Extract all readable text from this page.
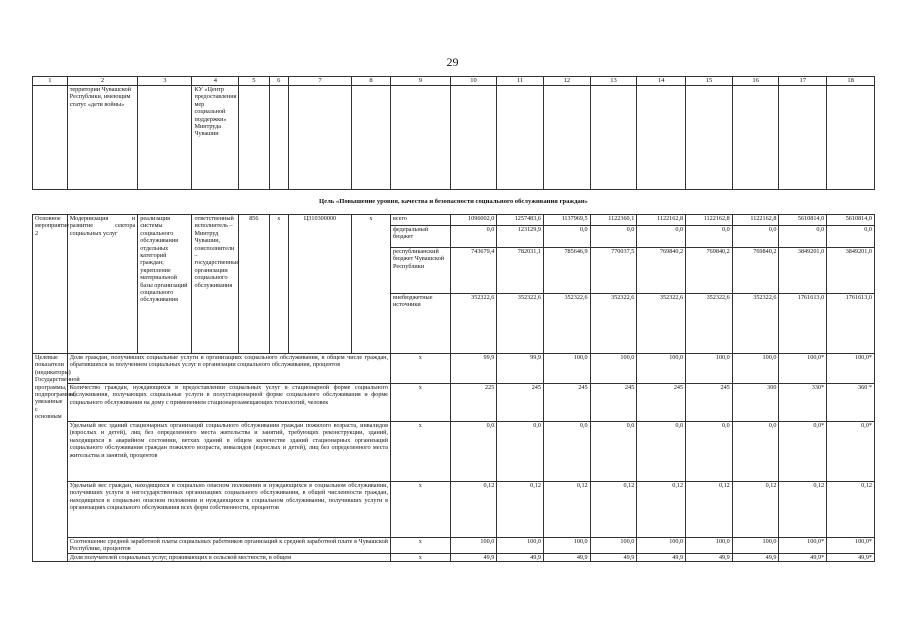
29
1	2	3	4	5	6	7	8	9	10	11	12	13	14	15	16	17	18
	территории Чувашской Республики, имеющим статус «дети войны»		КУ «Центр предоставления мер социальной поддержки» Минтруда Чувашии														
Цель «Повышение уровня, качества и безопасности социального обслуживания граждан»																	
Основное мероприятие 2	Модернизация и развитие сектора социальных услуг	реализация системы социального обслуживания отдельных категорий граждан; укрепление материальной базы организаций социального обслуживания	ответственный исполнитель – Минтруд Чувашии, соисполнители – государственные организации социального обслуживания	856	х	Ц310300000	х	всего	1096002,0	1257483,6	1137969,5	1122360,1	1122162,8	1122162,8	1122162,8	5610814,0	5610814,0
								федеральный бюджет	0,0	123129,9	0,0	0,0	0,0	0,0	0,0	0,0	0,0
								республиканский бюджет Чувашской Республики	743679,4	782031,1	785646,9	770037,5	769840,2	769840,2	769840,2	3849201,0	3849201,0
								внебюджетные источники	352322,6	352322,6	352322,6	352322,6	352322,6	352322,6	352322,6	1761613,0	1761613,0
Целевые показатели (индикаторы) Государственной программы, подпрограммы, увязанные с основным	Доля граждан, получивших социальные услуги в организациях социального обслуживания, в общем числе граждан, обратившихся за получением социальных услуг в организации социального обслуживания, процентов							х	99,9	99,9	100,0	100,0	100,0	100,0	100,0	100,0*	100,0*
	Количество граждан, нуждающихся в предоставлении социальных услуг в стационарной форме социального обслуживания, получающих социальные услуги в полустационарной форме социального обслуживания и форме социального обслуживания на дому с применением стационарозамещающих технологий, человек							х	225	245	245	245	245	245	300	330*	360 *
	Удельный вес зданий стационарных организаций социального обслуживания граждан пожилого возраста, инвалидов (взрослых и детей), лиц без определенного места жительства и занятий, требующих реконструкции, зданий, находящихся в аварийном состоянии, ветхих зданий в общем количестве зданий стационарных организаций социального обслуживания граждан пожилого возраста, инвалидов (взрослых и детей), лиц без определенного места жительства и занятий, процентов							х	0,0	0,0	0,0	0,0	0,0	0,0	0,0	0,0*	0,0*
	Удельный вес граждан, находящихся в социально опасном положении и нуждающихся в социальном обслуживании, получивших услуги в негосударственных организациях социального обслуживания, в общей численности граждан, находящихся в социально опасном положении и нуждающихся в социальном обслуживании, получивших услуги в организациях социального обслуживания всех форм собственности, процентов							х	0,12	0,12	0,12	0,12	0,12	0,12	0,12	0,12	0,12
	Соотношение средней заработной платы социальных работников организаций к средней заработной плате в Чувашской Республике, процентов							х	100,0	100,0	100,0	100,0	100,0	100,0	100,0	100,0*	100,0*
	Доля получателей социальных услуг, проживающих в сельской местности, в общем							х	49,9	49,9	49,9	49,9	49,9	49,9	49,9	49,9*	49,9*
